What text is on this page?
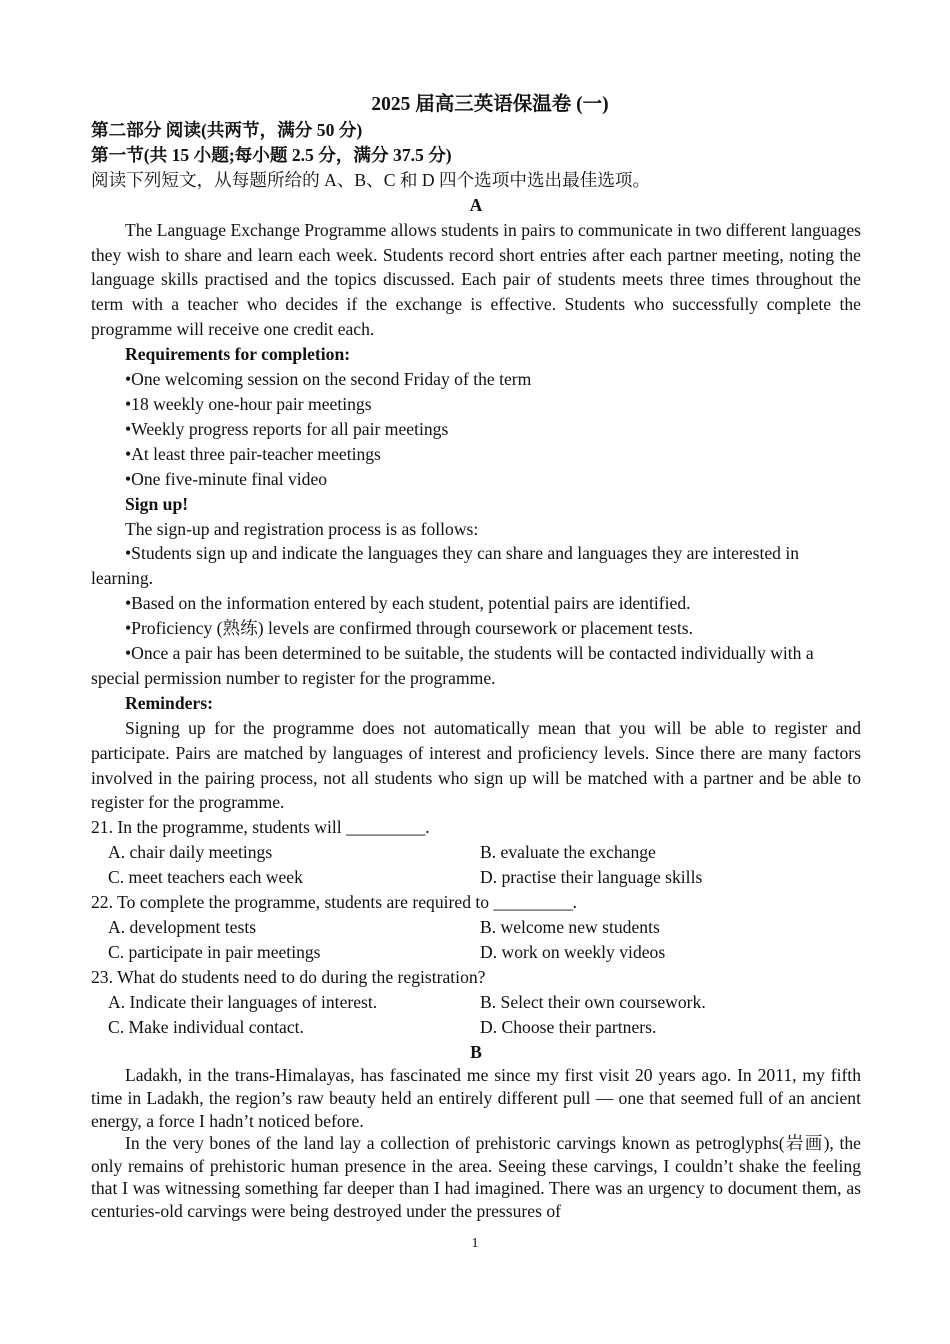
2025 届高三英语保温卷 (一)
第二部分 阅读(共两节，满分 50 分)
第一节(共 15 小题;每小题 2.5 分，满分 37.5 分)
阅读下列短文，从每题所给的 A、B、C 和 D 四个选项中选出最佳选项。
A
The Language Exchange Programme allows students in pairs to communicate in two different languages they wish to share and learn each week. Students record short entries after each partner meeting, noting the language skills practised and the topics discussed. Each pair of students meets three times throughout the term with a teacher who decides if the exchange is effective. Students who successfully complete the programme will receive one credit each.
Requirements for completion:
•One welcoming session on the second Friday of the term
•18 weekly one-hour pair meetings
•Weekly progress reports for all pair meetings
•At least three pair-teacher meetings
•One five-minute final video
Sign up!
The sign-up and registration process is as follows:
•Students sign up and indicate the languages they can share and languages they are interested in learning.
•Based on the information entered by each student, potential pairs are identified.
•Proficiency (熟练) levels are confirmed through coursework or placement tests.
•Once a pair has been determined to be suitable, the students will be contacted individually with a special permission number to register for the programme.
Reminders:
Signing up for the programme does not automatically mean that you will be able to register and participate. Pairs are matched by languages of interest and proficiency levels. Since there are many factors involved in the pairing process, not all students who sign up will be matched with a partner and be able to register for the programme.
21. In the programme, students will _________.
A. chair daily meetings	B. evaluate the exchange
C. meet teachers each week	D. practise their language skills
22. To complete the programme, students are required to _________.
A. development tests	B. welcome new students
C. participate in pair meetings	D. work on weekly videos
23. What do students need to do during the registration?
A. Indicate their languages of interest.	B. Select their own coursework.
C. Make individual contact.	D. Choose their partners.
B
Ladakh, in the trans-Himalayas, has fascinated me since my first visit 20 years ago. In 2011, my fifth time in Ladakh, the region’s raw beauty held an entirely different pull — one that seemed full of an ancient energy, a force I hadn’t noticed before.
In the very bones of the land lay a collection of prehistoric carvings known as petroglyphs(岩画), the only remains of prehistoric human presence in the area. Seeing these carvings, I couldn’t shake the feeling that I was witnessing something far deeper than I had imagined. There was an urgency to document them, as centuries-old carvings were being destroyed under the pressures of
1
